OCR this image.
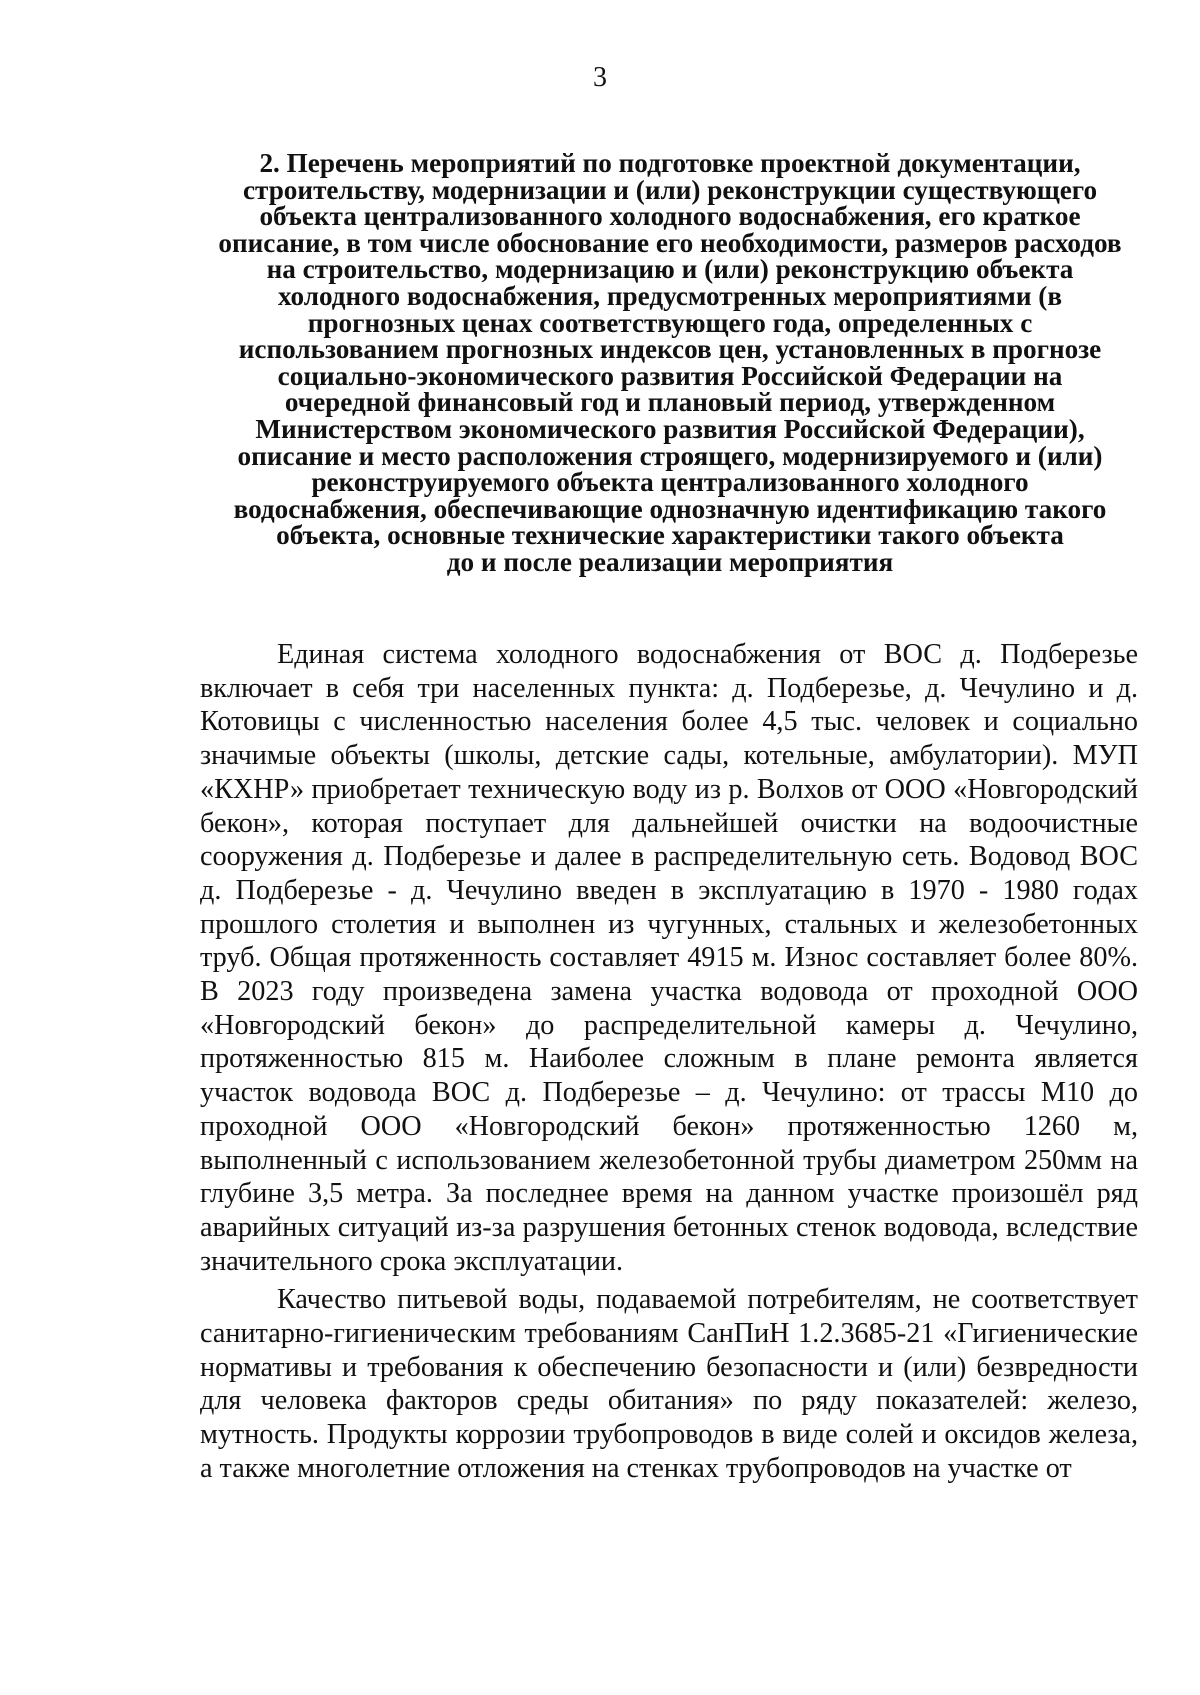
3
2. Перечень мероприятий по подготовке проектной документации,
строительству, модернизации и (или) реконструкции существующего
объекта централизованного холодного водоснабжения, его краткое
описание, в том числе обоснование его необходимости, размеров расходов
на строительство, модернизацию и (или) реконструкцию объекта
холодного водоснабжения, предусмотренных мероприятиями (в
прогнозных ценах соответствующего года, определенных с
использованием прогнозных индексов цен, установленных в прогнозе
социально-экономического развития Российской Федерации на
очередной финансовый год и плановый период, утвержденном
Министерством экономического развития Российской Федерации),
описание и место расположения строящего, модернизируемого и (или)
реконструируемого объекта централизованного холодного
водоснабжения, обеспечивающие однозначную идентификацию такого
объекта, основные технические характеристики такого объекта
до и после реализации мероприятия

Единая система холодного водоснабжения от ВОС д. Подберезье включает в себя три населенных пункта: д. Подберезье, д. Чечулино и д. Котовицы с численностью населения более 4,5 тыс. человек и социально значимые объекты (школы, детские сады, котельные, амбулатории). МУП «КХНР» приобретает техническую воду из р. Волхов от ООО «Новгородский бекон», которая поступает для дальнейшей очистки на водоочистные сооружения д. Подберезье и далее в распределительную сеть. Водовод ВОС д. Подберезье - д. Чечулино введен в эксплуатацию в 1970 - 1980 годах прошлого столетия и выполнен из чугунных, стальных и железобетонных труб. Общая протяженность составляет 4915 м. Износ составляет более 80%. В 2023 году произведена замена участка водовода от проходной ООО «Новгородский бекон» до распределительной камеры д. Чечулино, протяженностью 815 м. Наиболее сложным в плане ремонта является участок водовода ВОС д. Подберезье – д. Чечулино: от трассы М10 до проходной ООО «Новгородский бекон» протяженностью 1260 м, выполненный с использованием железобетонной трубы диаметром 250мм на глубине 3,5 метра. За последнее время на данном участке произошёл ряд аварийных ситуаций из-за разрушения бетонных стенок водовода, вследствие значительного срока эксплуатации.

Качество питьевой воды, подаваемой потребителям, не соответствует санитарно-гигиеническим требованиям СанПиН 1.2.3685-21 «Гигиенические нормативы и требования к обеспечению безопасности и (или) безвредности для человека факторов среды обитания» по ряду показателей: железо, мутность. Продукты коррозии трубопроводов в виде солей и оксидов железа, а также многолетние отложения на стенках трубопроводов на участке от
